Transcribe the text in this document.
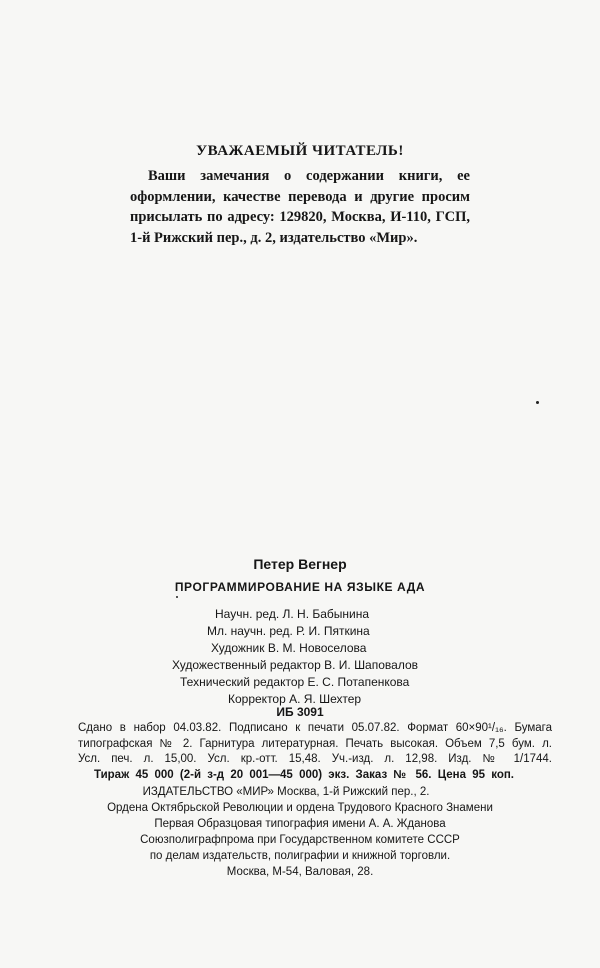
УВАЖАЕМЫЙ ЧИТАТЕЛЬ!
Ваши замечания о содержании книги, ее
оформлении, качестве перевода и другие просим
присылать по адресу: 129820, Москва, И-110, ГСП,
1-й Рижский пер., д. 2, издательство «Мир».
Петер Вегнер
ПРОГРАММИРОВАНИЕ НА ЯЗЫКЕ АДА
Научн. ред. Л. Н. Бабынина
Мл. научн. ред. Р. И. Пяткина
Художник В. М. Новоселова
Художественный редактор В. И. Шаповалов
Технический редактор Е. С. Потапенкова
Корректор А. Я. Шехтер
ИБ 3091
Сдано в набор 04.03.82. Подписано к печати 05.07.82. Формат 60×90¹/₁₆. Бумага
типографская № 2. Гарнитура литературная. Печать высокая. Объем 7,5 бум. л.
Усл. печ. л. 15,00. Усл. кр.-отт. 15,48. Уч.-изд. л. 12,98. Изд. № 1/1744.
Тираж 45 000 (2-й з-д 20 001—45 000) экз. Заказ № 56. Цена 95 коп.
ИЗДАТЕЛЬСТВО «МИР» Москва, 1-й Рижский пер., 2.
Ордена Октябрьской Революции и ордена Трудового Красного Знамени
Первая Образцовая типография имени А. А. Жданова
Союзполиграфпрома при Государственном комитете СССР
по делам издательств, полиграфии и книжной торговли.
Москва, М-54, Валовая, 28.
